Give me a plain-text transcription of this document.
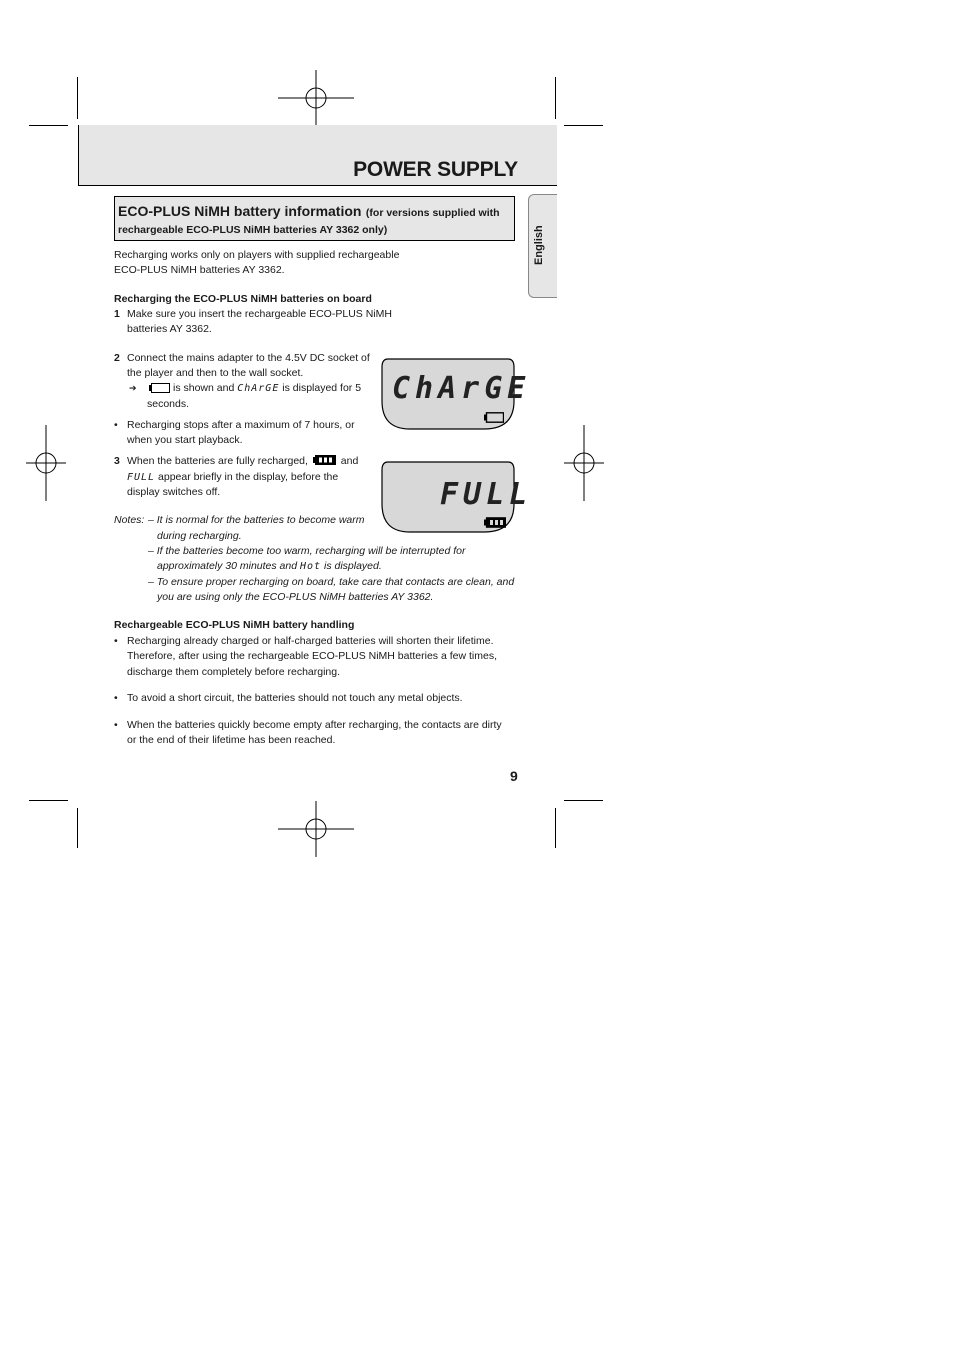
POWER SUPPLY
English
ECO-PLUS NiMH battery information (for versions supplied with
rechargeable ECO-PLUS NiMH batteries AY 3362 only)
Recharging works only on players with supplied rechargeable
ECO-PLUS NiMH batteries AY 3362.
Recharging the ECO-PLUS NiMH batteries on board
1 Make sure you insert the rechargeable ECO-PLUS NiMH
batteries AY 3362.
2 Connect the mains adapter to the 4.5V DC socket of
the player and then to the wall socket.
➔	is shown and ChArGE is displayed for 5
seconds.
• Recharging stops after a maximum of 7 hours, or
when you start playback.
3 When the batteries are fully recharged,	and
FULL appear briefly in the display, before the
display switches off.
ChArGE
FULL
Notes: – It is normal for the batteries to become warm
during recharging.
– If the batteries become too warm, recharging will be interrupted for
approximately 30 minutes and Hot is displayed.
– To ensure proper recharging on board, take care that contacts are clean, and
you are using only the ECO-PLUS NiMH batteries AY 3362.
Rechargeable ECO-PLUS NiMH battery handling
• Recharging already charged or half-charged batteries will shorten their lifetime.
Therefore, after using the rechargeable ECO-PLUS NiMH batteries a few times,
discharge them completely before recharging.
• To avoid a short circuit, the batteries should not touch any metal objects.
• When the batteries quickly become empty after recharging, the contacts are dirty
or the end of their lifetime has been reached.
9
